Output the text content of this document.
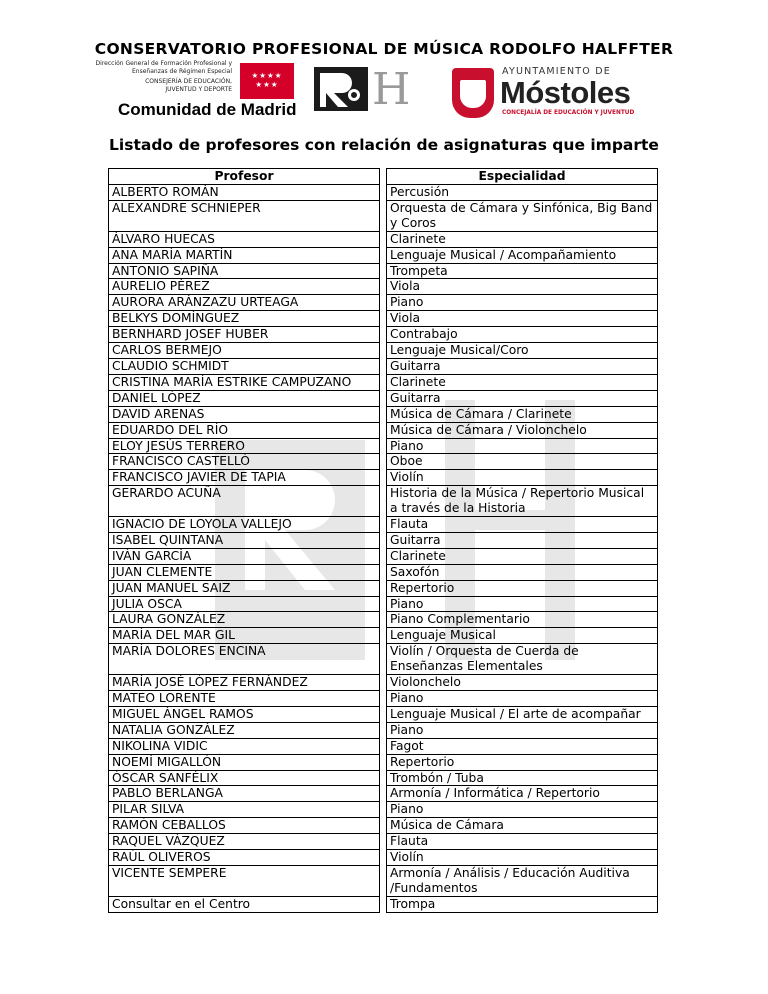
CONSERVATORIO PROFESIONAL DE MÚSICA RODOLFO HALFFTER
Dirección General de Formación Profesional y
Enseñanzas de Régimen Especial
CONSEJERÍA DE EDUCACIÓN,
JUVENTUD Y DEPORTE
★★★★
★★★
Comunidad de Madrid H	AYUNTAMIENTO DE
Móstoles
CONCEJALÍA DE EDUCACIÓN Y JUVENTUD
Listado de profesores con relación de asignaturas que imparte
Profesor		Especialidad
ALBERTO ROMÁN		Percusión
ALEXANDRE SCHNIEPER		Orquesta de Cámara y Sinfónica, Big Band y Coros
ÁLVARO HUECAS		Clarinete
ANA MARÍA MARTÍN		Lenguaje Musical / Acompañamiento
ANTONIO SAPIÑA		Trompeta
AURELIO PÉREZ		Viola
AURORA ARÁNZAZU URTEAGA		Piano
BELKYS DOMÍNGUEZ		Viola
BERNHARD JOSEF HUBER		Contrabajo
CARLOS BERMEJO		Lenguaje Musical/Coro
CLAUDIO SCHMIDT		Guitarra
CRISTINA MARÍA ESTRIKE CAMPUZANO		Clarinete
DANIEL LÓPEZ		Guitarra
DAVID ARENAS		Música de Cámara / Clarinete
EDUARDO DEL RÍO		Música de Cámara / Violonchelo
ELOY JESÚS TERRERO		Piano
FRANCISCO CASTELLÓ		Oboe
FRANCISCO JAVIER DE TAPIA		Violín
GERARDO ACUÑA		Historia de la Música / Repertorio Musical a través de la Historia
IGNACIO DE LOYOLA VALLEJO		Flauta
ISABEL QUINTANA		Guitarra
IVÁN GARCÍA		Clarinete
JUAN CLEMENTE		Saxofón
JUAN MANUEL SAIZ		Repertorio
JULIA OSCA		Piano
LAURA GONZÁLEZ		Piano Complementario
MARÍA DEL MAR GIL		Lenguaje Musical
MARÍA DOLORES ENCINA		Violín / Orquesta de Cuerda de Enseñanzas Elementales
MARÍA JOSÉ LÓPEZ FERNÁNDEZ		Violonchelo
MATEO LORENTE		Piano
MIGUEL ÁNGEL RAMOS		Lenguaje Musical / El arte de acompañar
NATALIA GONZÁLEZ		Piano
NIKOLINA VIDIC		Fagot
NOEMÍ MIGALLÓN		Repertorio
ÓSCAR SANFÉLIX		Trombón / Tuba
PABLO BERLANGA		Armonía / Informática / Repertorio
PILAR SILVA		Piano
RAMÓN CEBALLOS		Música de Cámara
RAQUEL VÁZQUEZ		Flauta
RAÚL OLIVEROS		Violín
VICENTE SEMPERE		Armonía / Análisis / Educación Auditiva /Fundamentos
Consultar en el Centro		Trompa
